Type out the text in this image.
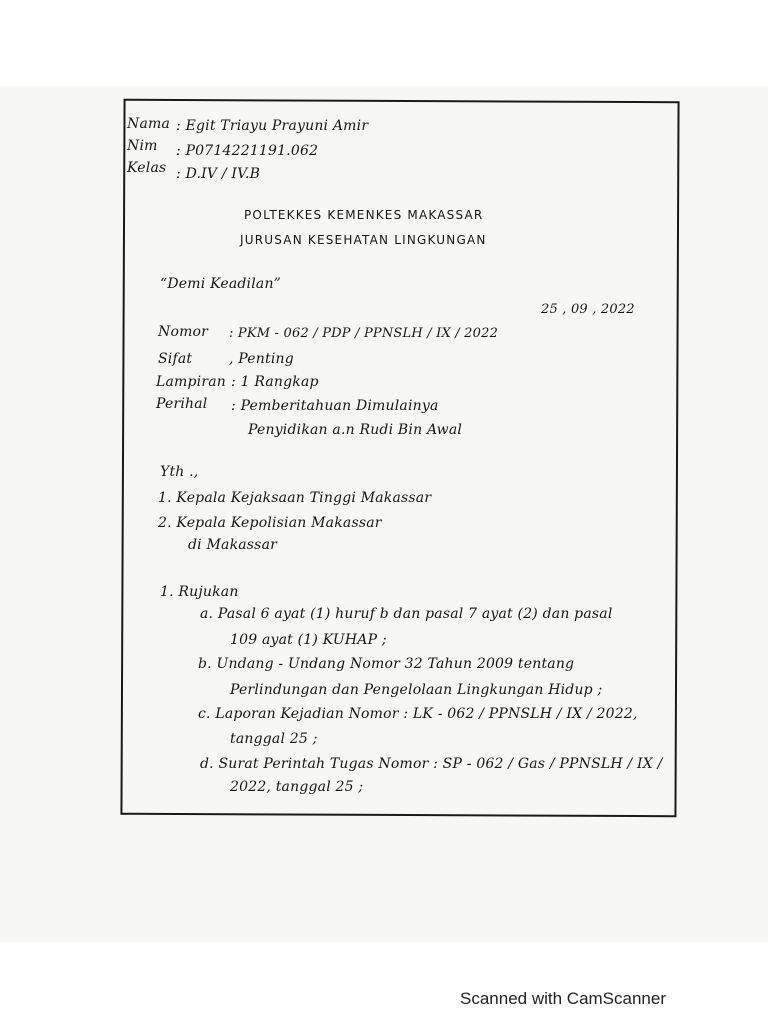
Nama : Egit Triayu Prayuni Amir
Nim : P0714221191.062
Kelas : D.IV / IV.B
POLTEKKES KEMENKES MAKASSAR
JURUSAN KESEHATAN LINGKUNGAN
“Demi Keadilan”
25 , 09 , 2022
Nomor : PKM - 062 / PDP / PPNSLH / IX / 2022
Sifat	, Penting
Lampiran : 1 Rangkap
Perihal : Pemberitahuan Dimulainya
Penyidikan a.n Rudi Bin Awal
Yth .,
1. Kepala Kejaksaan Tinggi Makassar
2. Kepala Kepolisian Makassar
di Makassar
1. Rujukan
a. Pasal 6 ayat (1) huruf b dan pasal 7 ayat (2) dan pasal
109 ayat (1) KUHAP ;
b. Undang - Undang Nomor 32 Tahun 2009 tentang
Perlindungan dan Pengelolaan Lingkungan Hidup ;
c. Laporan Kejadian Nomor : LK - 062 / PPNSLH / IX / 2022,
tanggal 25 ;
d. Surat Perintah Tugas Nomor : SP - 062 / Gas / PPNSLH / IX /
2022, tanggal 25 ;
Scanned with CamScanner
